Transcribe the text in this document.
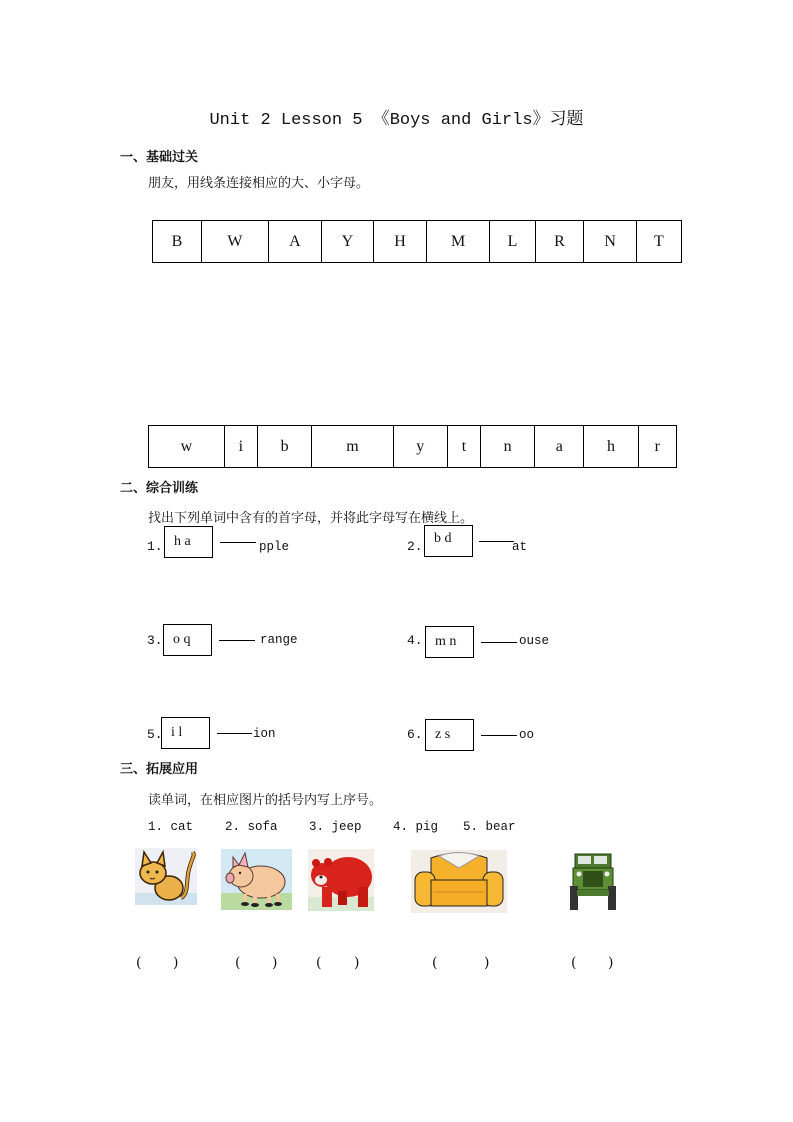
Unit 2 Lesson 5 《Boys and Girls》习题
一、基础过关
朋友，用线条连接相应的大、小字母。
B	W	A	Y	H	M	L	R	N	T
w	i	b	m	y	t	n	a	h	r
二、综合训练
找出下列单词中含有的首字母，并将此字母写在横线上。
1. h a	pple	2.
b d
at
3. o q	range	4. m n	ouse
5. i l	ion	6. z s	oo
三、拓展应用
读单词，在相应图片的括号内写上序号。
1. cat	2. sofa	3. jeep	4. pig 5. bear
( )	( )	( )	(	)	( )
